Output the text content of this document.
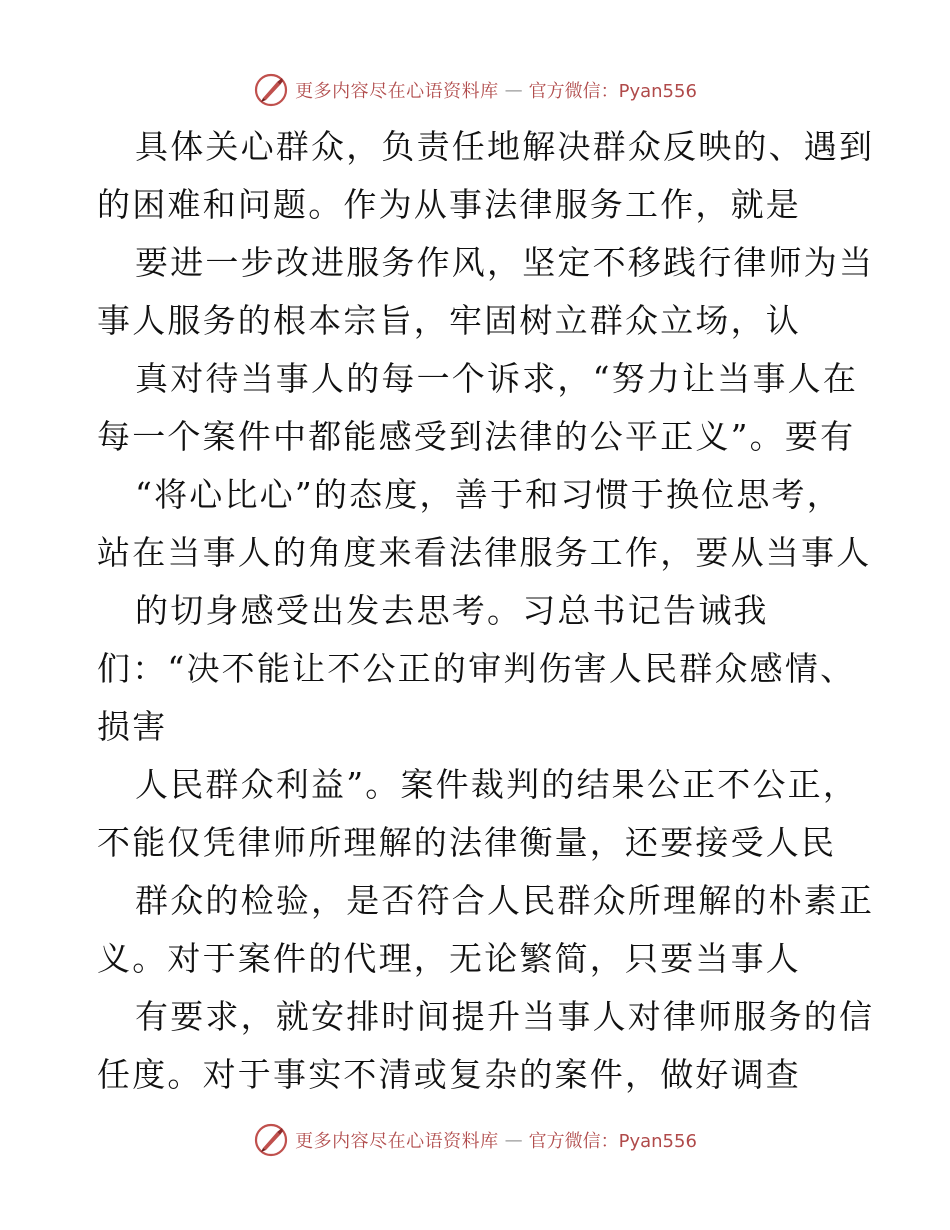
更多内容尽在心语资料库 — 官方微信：Pyan556
具体关心群众，负责任地解决群众反映的、遇到
的困难和问题。作为从事法律服务工作，就是
要进一步改进服务作风，坚定不移践行律师为当
事人服务的根本宗旨，牢固树立群众立场，认
真对待当事人的每一个诉求，“努力让当事人在
每一个案件中都能感受到法律的公平正义”。要有
“将心比心”的态度，善于和习惯于换位思考，
站在当事人的角度来看法律服务工作，要从当事人
的切身感受出发去思考。习总书记告诫我
们：“决不能让不公正的审判伤害人民群众感情、
损害
人民群众利益”。案件裁判的结果公正不公正，
不能仅凭律师所理解的法律衡量，还要接受人民
群众的检验，是否符合人民群众所理解的朴素正
义。对于案件的代理，无论繁简，只要当事人
有要求，就安排时间提升当事人对律师服务的信
任度。对于事实不清或复杂的案件，做好调查
更多内容尽在心语资料库 — 官方微信：Pyan556
